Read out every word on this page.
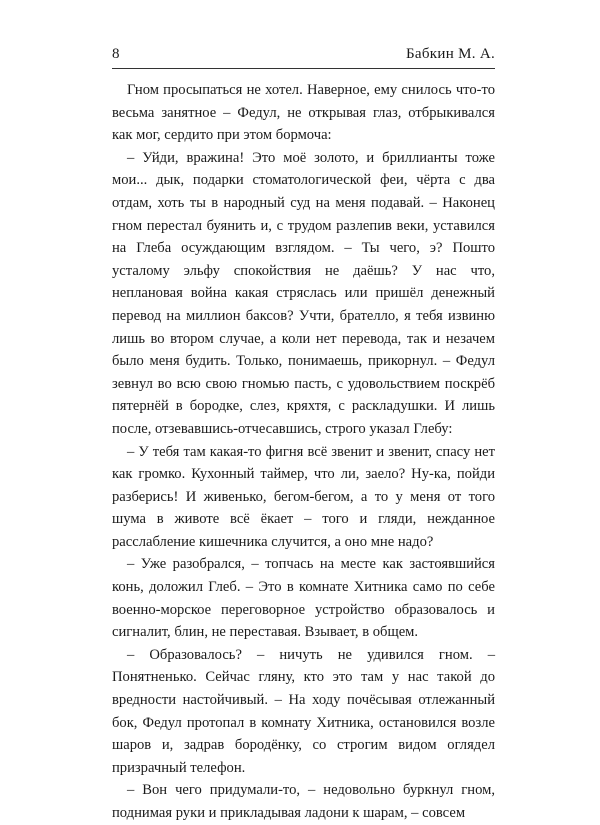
8	Бабкин М. А.

Гном просыпаться не хотел. Наверное, ему снилось что-то весьма занятное – Федул, не открывая глаз, отбрыкивался как мог, сердито при этом бормоча:

– Уйди, вражина! Это моё золото, и бриллианты тоже мои... дык, подарки стоматологической феи, чёрта с два отдам, хоть ты в народный суд на меня подавай. – Наконец гном перестал буянить и, с трудом разлепив веки, уставился на Глеба осуждающим взглядом. – Ты чего, э? Пошто усталому эльфу спокойствия не даёшь? У нас что, неплановая война какая стряслась или пришёл денежный перевод на миллион баксов? Учти, брателло, я тебя извиню лишь во втором случае, а коли нет перевода, так и незачем было меня будить. Только, понимаешь, прикорнул. – Федул зевнул во всю свою гномью пасть, с удовольствием поскрёб пятернёй в бородке, слез, кряхтя, с раскладушки. И лишь после, отзевавшись-отчесавшись, строго указал Глебу:

– У тебя там какая-то фигня всё звенит и звенит, спасу нет как громко. Кухонный таймер, что ли, заело? Ну-ка, пойди разберись! И живенько, бегом-бегом, а то у меня от того шума в животе всё ёкает – того и гляди, нежданное расслабление кишечника случится, а оно мне надо?

– Уже разобрался, – топчась на месте как застоявшийся конь, доложил Глеб. – Это в комнате Хитника само по себе военно-морское переговорное устройство образовалось и сигналит, блин, не переставая. Взывает, в общем.

– Образовалось? – ничуть не удивился гном. – Понятненько. Сейчас гляну, кто это там у нас такой до вредности настойчивый. – На ходу почёсывая отлежанный бок, Федул протопал в комнату Хитника, остановился возле шаров и, задрав бородёнку, со строгим видом оглядел призрачный телефон.

– Вон чего придумали-то, – недовольно буркнул гном, поднимая руки и прикладывая ладони к шарам, – совсем
